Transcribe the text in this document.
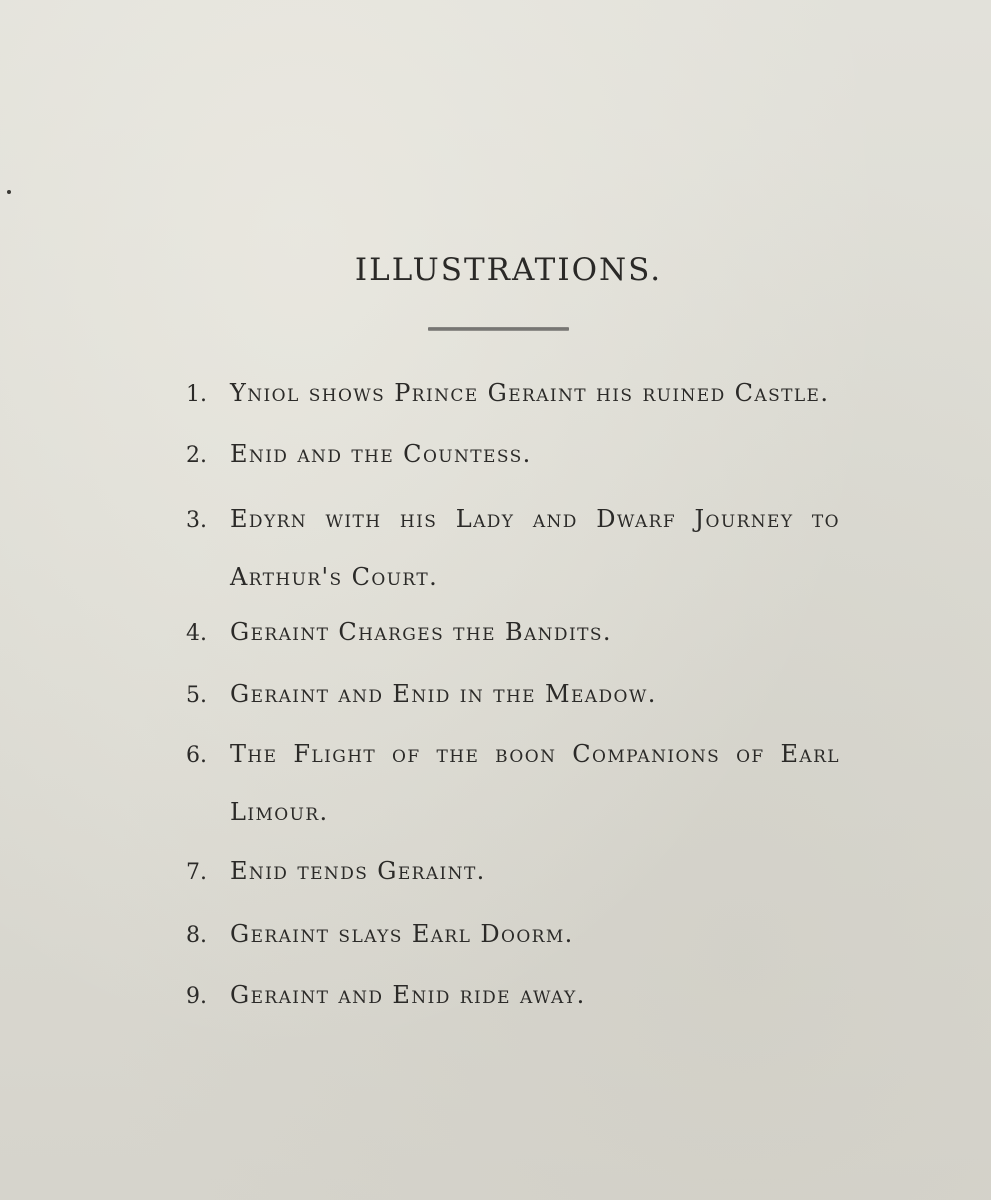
ILLUSTRATIONS.
1. Yniol shows Prince Geraint his ruined Castle.
2. Enid and the Countess.
3. Edyrn with his Lady and Dwarf Journey to Arthur's Court.
4. Geraint Charges the Bandits.
5. Geraint and Enid in the Meadow.
6. The Flight of the boon Companions of Earl Limour.
7. Enid tends Geraint.
8. Geraint slays Earl Doorm.
9. Geraint and Enid ride away.
